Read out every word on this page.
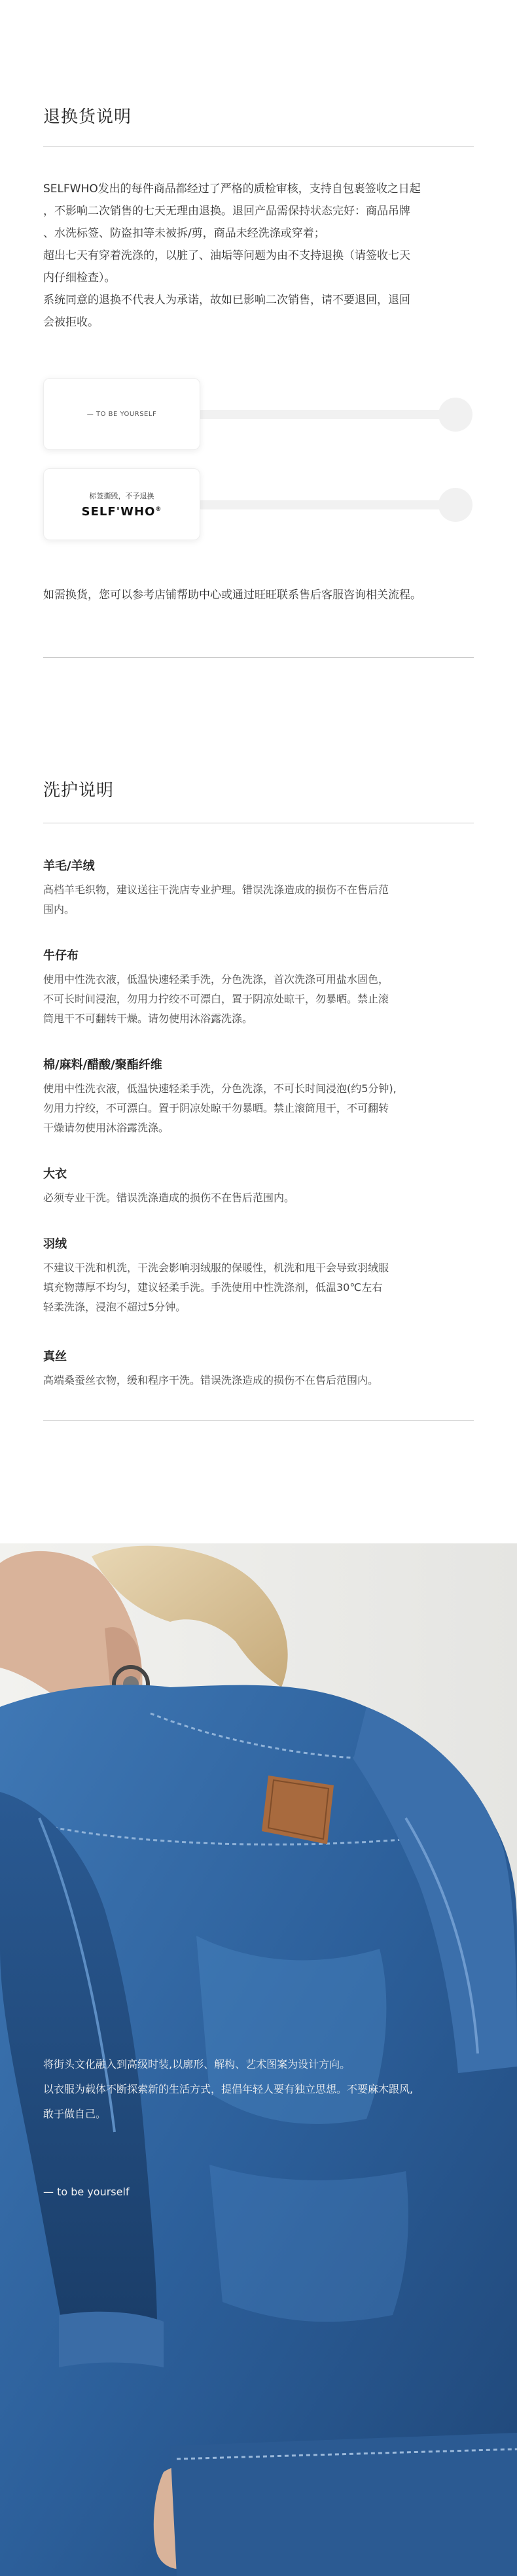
退换货说明

SELFWHO发出的每件商品都经过了严格的质检审核，支持自包裹签收之日起

，不影响二次销售的七天无理由退换。退回产品需保持状态完好：商品吊牌

、水洗标签、防盗扣等未被拆/剪，商品未经洗涤或穿着；

超出七天有穿着洗涤的，以脏了、油垢等问题为由不支持退换（请签收七天

内仔细检查）。

系统同意的退换不代表人为承诺，故如已影响二次销售，请不要退回，退回

会被拒收。

— TO BE YOURSELF
标签撕毁，不予退换
SELF'WHO®
如需换货，您可以参考店铺帮助中心或通过旺旺联系售后客服咨询相关流程。
洗护说明
羊毛/羊绒

高档羊毛织物，建议送往干洗店专业护理。错误洗涤造成的损伤不在售后范

围内。

牛仔布

使用中性洗衣液，低温快速轻柔手洗，分色洗涤，首次洗涤可用盐水固色，

不可长时间浸泡，勿用力拧绞不可漂白，置于阴凉处晾干，勿暴晒。禁止滚

筒甩干不可翻转干燥。请勿使用沐浴露洗涤。

棉/麻料/醋酸/聚酯纤维

使用中性洗衣液，低温快速轻柔手洗，分色洗涤，不可长时间浸泡(约5分钟),

勿用力拧绞，不可漂白。置于阴凉处晾干勿暴晒。禁止滚筒甩干，不可翻转

干燥请勿使用沐浴露洗涤。

大衣

必须专业干洗。错误洗涤造成的损伤不在售后范围内。

羽绒

不建议干洗和机洗，干洗会影响羽绒服的保暖性，机洗和甩干会导致羽绒服

填充物薄厚不均匀，建议轻柔手洗。手洗使用中性洗涤剂，低温30℃左右

轻柔洗涤，浸泡不超过5分钟。

真丝

高端桑蚕丝衣物，缓和程序干洗。错误洗涤造成的损伤不在售后范围内。

将街头文化融入到高级时装,以廓形、解构、艺术图案为设计方向。
以衣服为载体不断探索新的生活方式，提倡年轻人要有独立思想。不要麻木跟风,
敢于做自己。
— to be yourself
